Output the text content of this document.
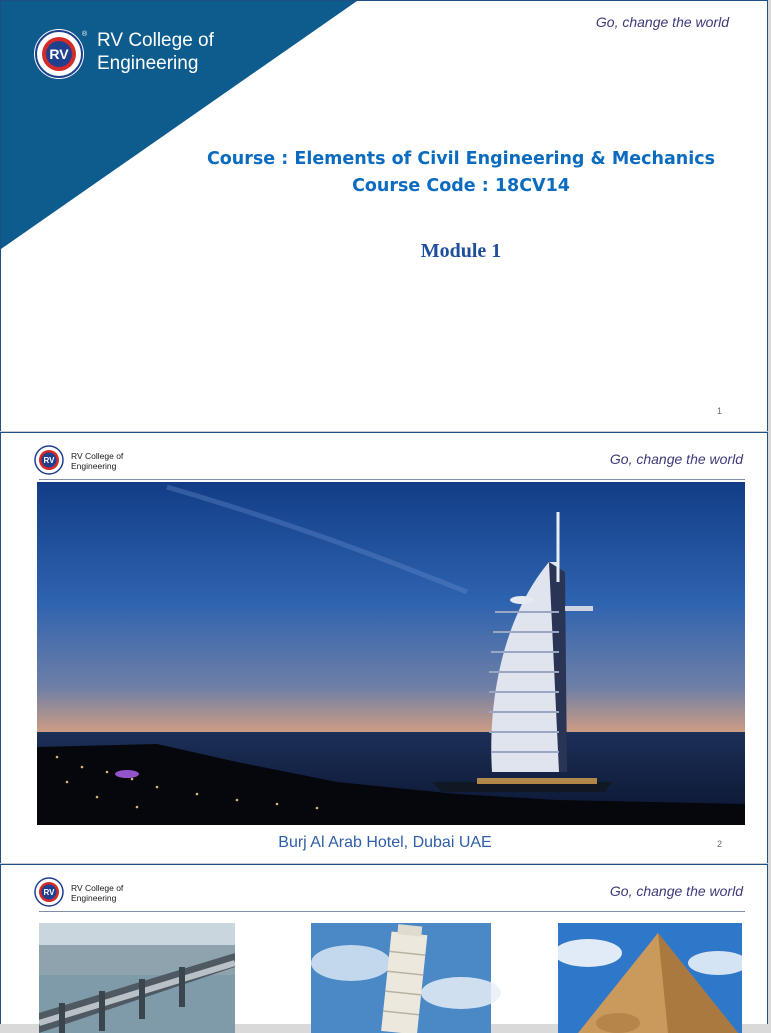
RV
® RV College of
Engineering
Go, change the world
Course : Elements of Civil Engineering & Mechanics
Course Code : 18CV14
Module 1
1
RV RV College of
Engineering	Go, change the world
Burj Al Arab Hotel, Dubai UAE	2
RV RV College of
Engineering	Go, change the world
